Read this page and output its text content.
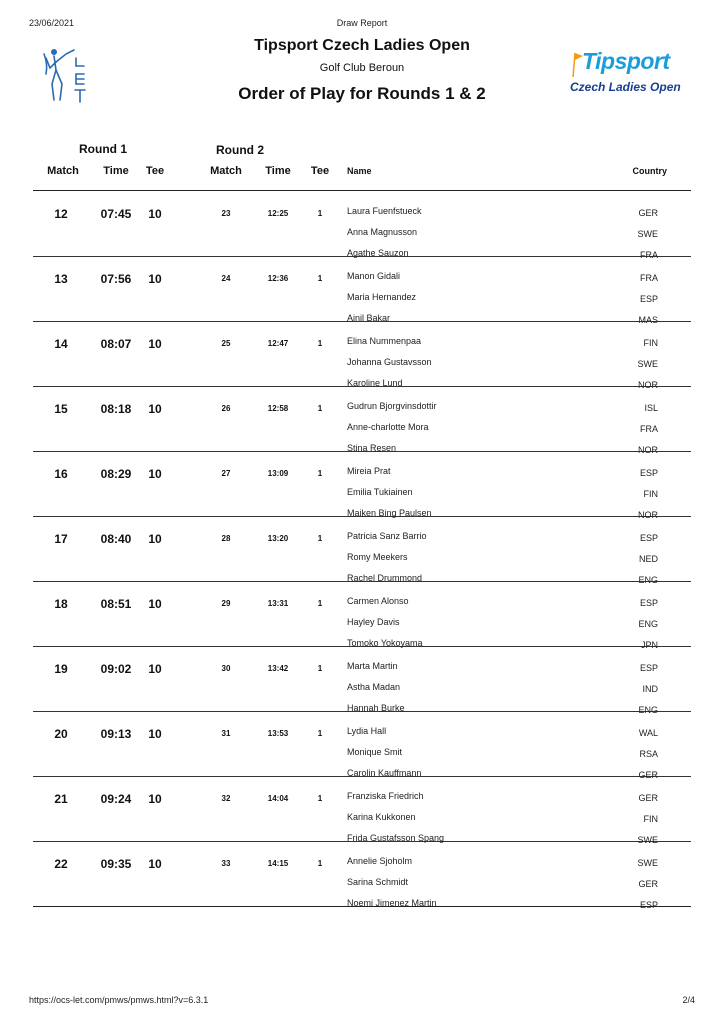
23/06/2021	Draw Report
Tipsport Czech Ladies Open
Golf Club Beroun
Order of Play for Rounds 1 & 2
Tipsport
Czech Ladies Open
Round 1	Round 2
Match	Time	Tee	Match	Time	Tee	Name	Country
12	07:45	10	23	12:25	1	Laura Fuenfstueck	GER
Anna Magnusson	SWE
Agathe Sauzon	FRA
13	07:56	10	24	12:36	1	Manon Gidali	FRA
Maria Hernandez	ESP
Ainil Bakar	MAS
14	08:07	10	25	12:47	1	Elina Nummenpaa	FIN
Johanna Gustavsson	SWE
Karoline Lund	NOR
15	08:18	10	26	12:58	1	Gudrun Bjorgvinsdottir	ISL
Anne-charlotte Mora	FRA
Stina Resen	NOR
16	08:29	10	27	13:09	1	Mireia Prat	ESP
Emilia Tukiainen	FIN
Maiken Bing Paulsen	NOR
17	08:40	10	28	13:20	1	Patricia Sanz Barrio	ESP
Romy Meekers	NED
Rachel Drummond	ENG
18	08:51	10	29	13:31	1	Carmen Alonso	ESP
Hayley Davis	ENG
Tomoko Yokoyama	JPN
19	09:02	10	30	13:42	1	Marta Martin	ESP
Astha Madan	IND
Hannah Burke	ENG
20	09:13	10	31	13:53	1	Lydia Hall	WAL
Monique Smit	RSA
Carolin Kauffmann	GER
21	09:24	10	32	14:04	1	Franziska Friedrich	GER
Karina Kukkonen	FIN
Frida Gustafsson Spang	SWE
22	09:35	10	33	14:15	1	Annelie Sjoholm	SWE
Sarina Schmidt	GER
Noemi Jimenez Martin	ESP
https://ocs-let.com/pmws/pmws.html?v=6.3.1	2/4
